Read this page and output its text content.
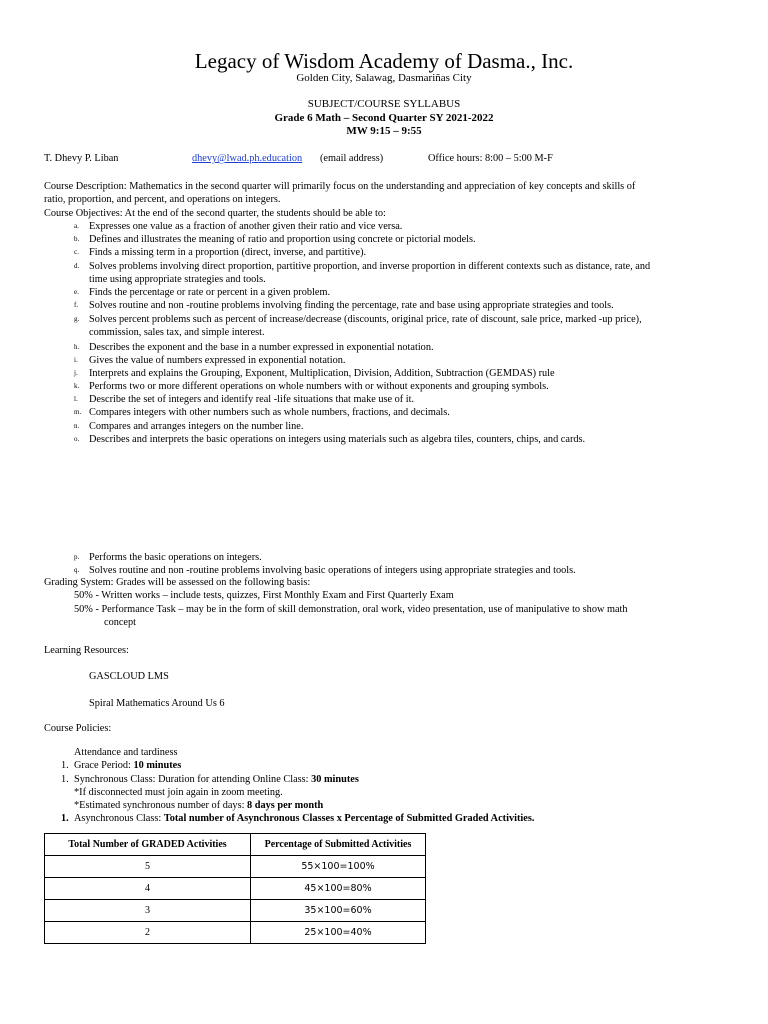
Legacy of Wisdom Academy of Dasma., Inc.
Golden City, Salawag, Dasmariñas City
SUBJECT/COURSE SYLLABUS
Grade 6 Math – Second Quarter SY 2021-2022
MW 9:15 – 9:55
T. Dhevy P. Liban	dhevy@lwad.ph.education (email address)	Office hours: 8:00 – 5:00 M-F
Course Description: Mathematics in the second quarter will primarily focus on the understanding and appreciation of key concepts and skills of
ratio, proportion, and percent, and operations on integers.
Course Objectives: At the end of the second quarter, the students should be able to:
a. Expresses one value as a fraction of another given their ratio and vice versa.
b. Defines and illustrates the meaning of ratio and proportion using concrete or pictorial models.
c. Finds a missing term in a proportion (direct, inverse, and partitive).
d. Solves problems involving direct proportion, partitive proportion, and inverse proportion in different contexts such as distance, rate, and
time using appropriate strategies and tools.
e. Finds the percentage or rate or percent in a given problem.
f. Solves routine and non -routine problems involving finding the percentage, rate and base using appropriate strategies and tools.
g. Solves percent problems such as percent of increase/decrease (discounts, original price, rate of discount, sale price, marked -up price),
commission, sales tax, and simple interest.
h. Describes the exponent and the base in a number expressed in exponential notation.
i. Gives the value of numbers expressed in exponential notation.
j. Interprets and explains the Grouping, Exponent, Multiplication, Division, Addition, Subtraction (GEMDAS) rule
k. Performs two or more different operations on whole numbers with or without exponents and grouping symbols.
l. Describe the set of integers and identify real -life situations that make use of it.
m. Compares integers with other numbers such as whole numbers, fractions, and decimals.
n. Compares and arranges integers on the number line.
o. Describes and interprets the basic operations on integers using materials such as algebra tiles, counters, chips, and cards.
p. Performs the basic operations on integers.
q. Solves routine and non -routine problems involving basic operations of integers using appropriate strategies and tools.
Grading System: Grades will be assessed on the following basis:
50% - Written works – include tests, quizzes, First Monthly Exam and First Quarterly Exam
50% - Performance Task – may be in the form of skill demonstration, oral work, video presentation, use of manipulative to show math
concept
Learning Resources:
GASCLOUD LMS
Spiral Mathematics Around Us 6
Course Policies:
Attendance and tardiness
1. Grace Period: 10 minutes
1. Synchronous Class: Duration for attending Online Class: 30 minutes
*If disconnected must join again in zoom meeting.
*Estimated synchronous number of days: 8 days per month
1. Asynchronous Class: Total number of Asynchronous Classes x Percentage of Submitted Graded Activities.
Total Number of GRADED Activities	Percentage of Submitted Activities
5	55×100=100%
4	45×100=80%
3	35×100=60%
2	25×100=40%
